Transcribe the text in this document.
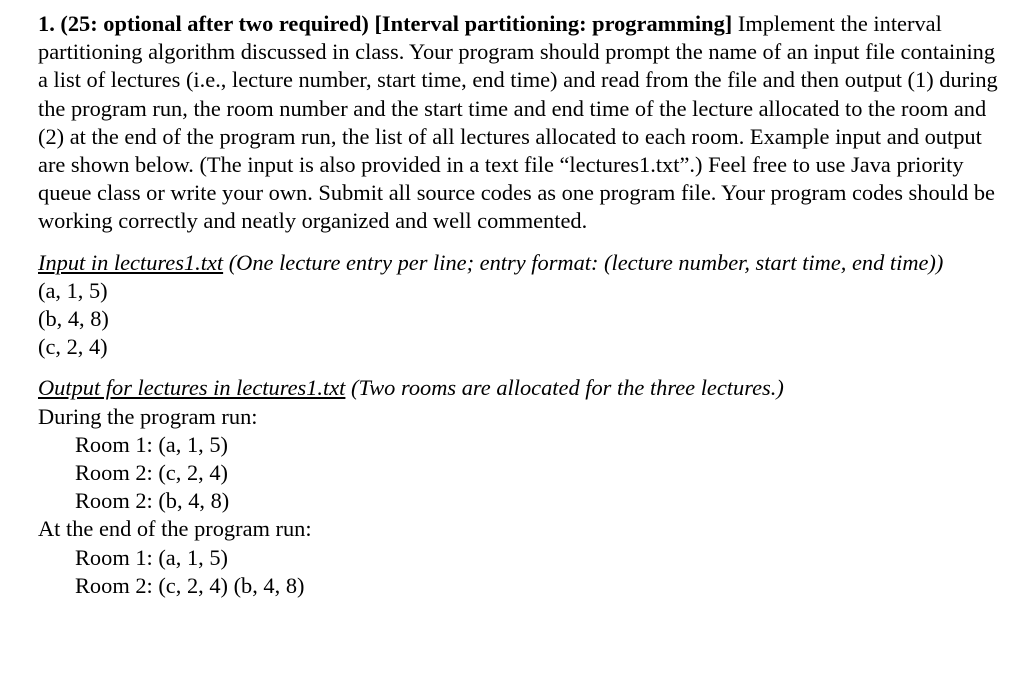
1. (25: optional after two required) [Interval partitioning: programming] Implement the interval partitioning algorithm discussed in class. Your program should prompt the name of an input file containing a list of lectures (i.e., lecture number, start time, end time) and read from the file and then output (1) during the program run, the room number and the start time and end time of the lecture allocated to the room and (2) at the end of the program run, the list of all lectures allocated to each room. Example input and output are shown below. (The input is also provided in a text file “lectures1.txt”.) Feel free to use Java priority queue class or write your own. Submit all source codes as one program file. Your program codes should be working correctly and neatly organized and well commented.

Input in lectures1.txt (One lecture entry per line; entry format: (lecture number, start time, end time))
(a, 1, 5)
(b, 4, 8)
(c, 2, 4)
Output for lectures in lectures1.txt (Two rooms are allocated for the three lectures.)
During the program run:
Room 1: (a, 1, 5)
Room 2: (c, 2, 4)
Room 2: (b, 4, 8)
At the end of the program run:
Room 1: (a, 1, 5)
Room 2: (c, 2, 4) (b, 4, 8)
